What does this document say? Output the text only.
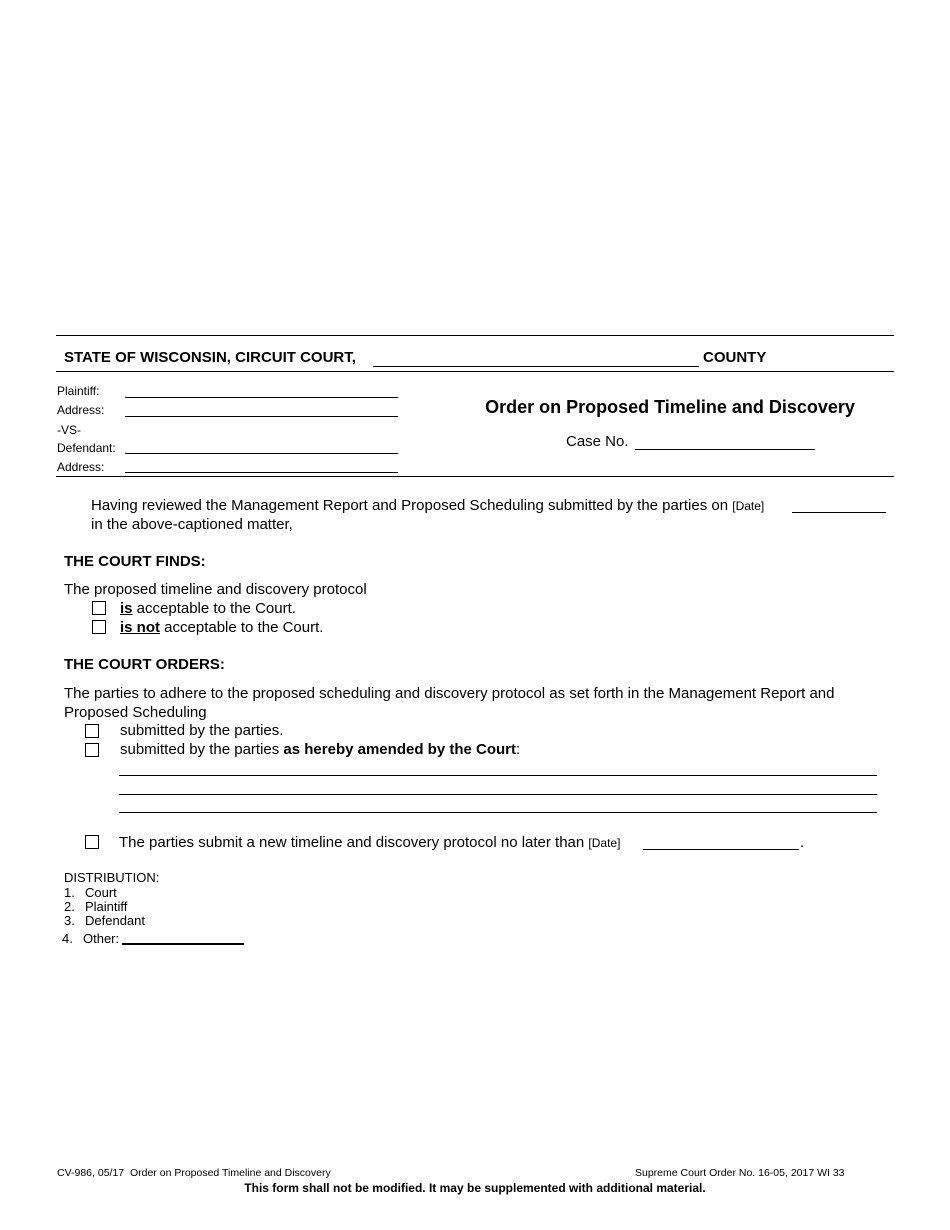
STATE OF WISCONSIN, CIRCUIT COURT,	COUNTY
Plaintiff:
Address:
-VS-
Defendant:
Address:
Order on Proposed Timeline and Discovery
Case No.
Having reviewed the Management Report and Proposed Scheduling submitted by the parties on [Date]
in the above-captioned matter,
THE COURT FINDS:
The proposed timeline and discovery protocol
is acceptable to the Court.
is not acceptable to the Court.
THE COURT ORDERS:
The parties to adhere to the proposed scheduling and discovery protocol as set forth in the Management Report and
Proposed Scheduling
submitted by the parties.
submitted by the parties as hereby amended by the Court:
The parties submit a new timeline and discovery protocol no later than [Date]	.
DISTRIBUTION:
1. Court
2. Plaintiff
3. Defendant
4. Other:
CV-986, 05/17  Order on Proposed Timeline and Discovery	Supreme Court Order No. 16-05, 2017 WI 33
This form shall not be modified. It may be supplemented with additional material.
